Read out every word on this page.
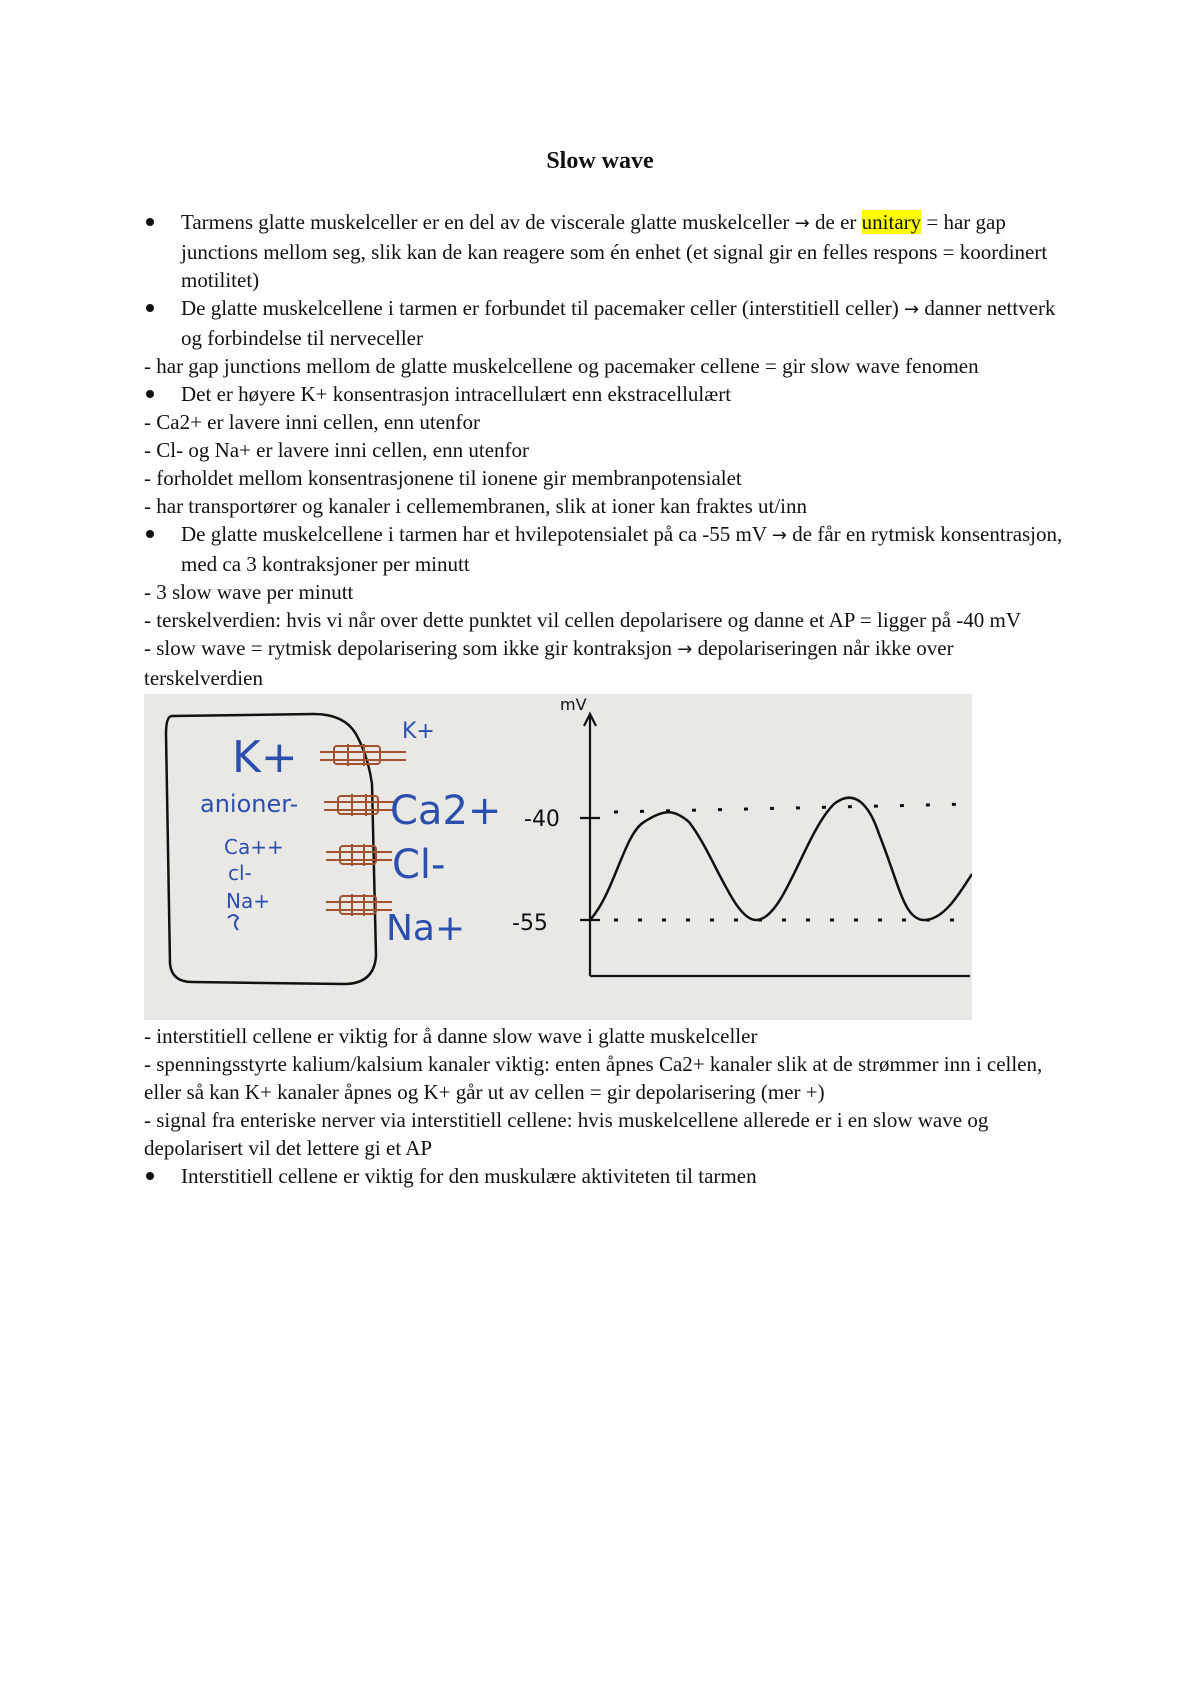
Slow wave
Tarmens glatte muskelceller er en del av de viscerale glatte muskelceller → de er unitary = har gap junctions mellom seg, slik kan de kan reagere som én enhet (et signal gir en felles respons = koordinert motilitet)
De glatte muskelcellene i tarmen er forbundet til pacemaker celler (interstitiell celler) → danner nettverk og forbindelse til nerveceller
- har gap junctions mellom de glatte muskelcellene og pacemaker cellene = gir slow wave fenomen
Det er høyere K+ konsentrasjon intracellulært enn ekstracellulært
- Ca2+ er lavere inni cellen, enn utenfor
- Cl- og Na+ er lavere inni cellen, enn utenfor
- forholdet mellom konsentrasjonene til ionene gir membranpotensialet
- har transportører og kanaler i cellemembranen, slik at ioner kan fraktes ut/inn
De glatte muskelcellene i tarmen har et hvilepotensialet på ca -55 mV → de får en rytmisk konsentrasjon, med ca 3 kontraksjoner per minutt
- 3 slow wave per minutt
- terskelverdien: hvis vi når over dette punktet vil cellen depolarisere og danne et AP = ligger på -40 mV
- slow wave = rytmisk depolarisering som ikke gir kontraksjon → depolariseringen når ikke over terskelverdien
K+
anioner-
Ca++
cl-
Na+
K+
Ca2+
Cl-
Na+
mV
-40
-55
- interstitiell cellene er viktig for å danne slow wave i glatte muskelceller
- spenningsstyrte kalium/kalsium kanaler viktig: enten åpnes Ca2+ kanaler slik at de strømmer inn i cellen, eller så kan K+ kanaler åpnes og K+ går ut av cellen = gir depolarisering (mer +)
- signal fra enteriske nerver via interstitiell cellene: hvis muskelcellene allerede er i en slow wave og depolarisert vil det lettere gi et AP
Interstitiell cellene er viktig for den muskulære aktiviteten til tarmen
